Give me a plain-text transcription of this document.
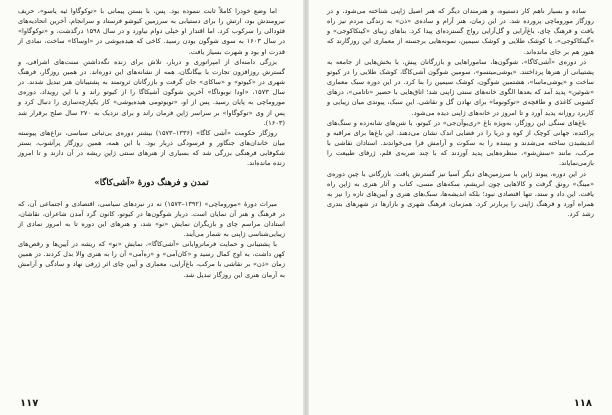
اما وضع خودرا کاملاً ثابت ننموده بود. پس، با بستن پیمانی با «توکوگاوا ئیه یاسو»، حریف نیرومندش بود، ارتش را برای دستیابی به سرزمین کیوشو فرستاد و سرانجام، آخرین اتحادیه‌های فئودالی را سرکوب کرد. اما اقتدار او خیلی دوام نیاورد و در سال ۱۵۹۸ درگذشت، و «توکوگاوا» در سال ۱۶۰۳ به سوی شوگون بودن رسید. کاخی که هیده‌یوشی در «اوساکا» ساخت، نمادی از قدرت او بود و شهرت بسیار یافت.

بزرگی دامنه‌ای از امپراتوری و دربار، تلاش برای زنده نگه‌داشتن سنت‌های اشرافی، و گسترش روزافزون تجارت با بیگانگان، همه از نشانه‌های این دوره‌اند. در همین روزگار، فرهنگ شهری در «کیوتو» و «ساکای» جان گرفت و بازرگانان ثروتمند به پشتیبانان هنر تبدیل شدند. در سال ۱۵۷۳، «اودا نوبوناگا» آخرین شوگون آشیکاگا را از کیوتو راند و با این رویداد، دوره‌ی موروماچی به پایان رسید. پس از او، «تویوتومی هیده‌یوشی» کار یکپارچه‌سازی را دنبال کرد و پس از وی «توکوگاوا» بر سراسر ژاپن فرمان راند و برای نزدیک به ۲۷۰ سال صلح برقرار شد (۱۶۰۳).

روزگار حکومت «آشی کاگا» (۱۳۳۶–۱۵۷۳) بیشتر دوره‌ی بی‌ثباتی سیاسی، نزاع‌های پیوسته میان خاندان‌های جنگاور و فرسودگی دربار بود. با این همه، همین روزگار پرآشوب، بستر شکوفایی فرهنگی بزرگی شد که بسیاری از هنرهای سنتی ژاپن ریشه در آن دارند و تا امروز زنده مانده‌اند.

تمدن و فرهنگ دورهٔ «آشی‌کاگا»

میراث دورهٔ «موروماچی» (۱۳۹۲–۱۵۷۳) نه در نبردهای سیاسی، اقتصادی و اجتماعی آن، که در فرهنگ و هنر آن نمایان است. دربار شوگون‌ها در کیوتو، کانون گرد آمدن شاعران، نقاشان، استادان مراسم چای و بازیگران نمایش «نو» شد، و هنرهای این دوره تا به امروز نمادی از زیبایی‌شناسی ژاپنی به شمار می‌آیند.

با پشتیبانی و حمایت فرمانروایانی «آشی‌کاگا»، نمایش «نو» که ریشه در آیین‌ها و رقص‌های کهن داشت، به اوج کمال رسید و «کان‌آمی» و «زه‌آمی» آن را به هنری والا بدل کردند. در همین زمان «ذن» بر نقاشی با مرکب، باغ‌آرایی، معماری و آیین چای اثر ژرفی نهاد و سادگی و آرامش به آرمان هنری این روزگار تبدیل شد.

۱۱۷

ساده و بسیار ناهم کار دستیوه، و هنرمندان دیگر که هنر اصیل ژاپنی شناخته می‌شود، و در روزگار موروماچی پرورده شد. در این زمان، هنر آرام و ساده‌ی «ذن» به زندگی مردم نیز راه یافت و فرهنگ چای، باغ‌آرایی و گل‌آرایی رواج گسترده‌ای پیدا کرد. بناهای زیبای «کینکاکوجی» و «گینکاکوجی»، یا کوشک طلایی و کوشک سیمین، نمونه‌هایی برجسته از معماری این روزگارند که هنوز هم بر جای مانده‌اند.

در دوره‌ی «آشی‌کاگا»، شوگون‌ها، ساموراهایی و بازرگانان پیش، با بخش‌هایی از جامعه به پشتیبانی از هنرها پرداختند. «یوشی‌میتسو»، سومین شوگون آشی‌کاگا، کوشک طلایی را در کیوتو ساخت و «یوشی‌ماسا»، هشتمین شوگون، کوشک سیمین را بنا کرد. در این دوره سبک معماری «شوئین» پدید آمد که بعدها الگوی خانه‌های سنتی ژاپنی شد؛ اتاق‌هایی با حصیر «تاتامی»، درهای کشویی کاغذی و طاقچه‌ی «توکونوما» برای نهادن گل و نقاشی. این سبک، پیوندی میان زیبایی و کاربرد روزانه پدید آورد و تا امروز در خانه‌های ژاپنی دیده می‌شود.

باغ‌های سنگی این روزگار، به‌ویژه باغ «ری‌یوآن‌جی» در کیوتو، با شن‌های شانه‌زده و سنگ‌های پراکنده، جهانی کوچک از کوه و دریا را در فضایی اندک نشان می‌دهند. این باغ‌ها برای مراقبه و اندیشیدن ساخته می‌شدند و بیننده را به سکوت و آرامش فرا می‌خواندند. استادان نقاشی با مرکب، مانند «سش‌شو»، منظره‌هایی پدید آوردند که با چند ضربه‌ی قلم، ژرفای طبیعت را بازمی‌نمایاند.

در این دوره، پیوند ژاپن با سرزمین‌های دیگر آسیا نیز گسترش یافت. بازرگانی با چین دوره‌ی «مینگ» رونق گرفت و کالاهایی چون ابریشم، سکه‌های مسی، کتاب و آثار هنری به ژاپن راه یافت. این داد و ستد، تنها اقتصادی نبود؛ بلکه اندیشه‌ها، سبک‌های هنری و آیین‌های تازه را نیز به همراه آورد و فرهنگ ژاپنی را پربارتر کرد. همزمان، فرهنگ شهری و بازارها در شهرهای بندری رشد کرد.

۱۱۸
